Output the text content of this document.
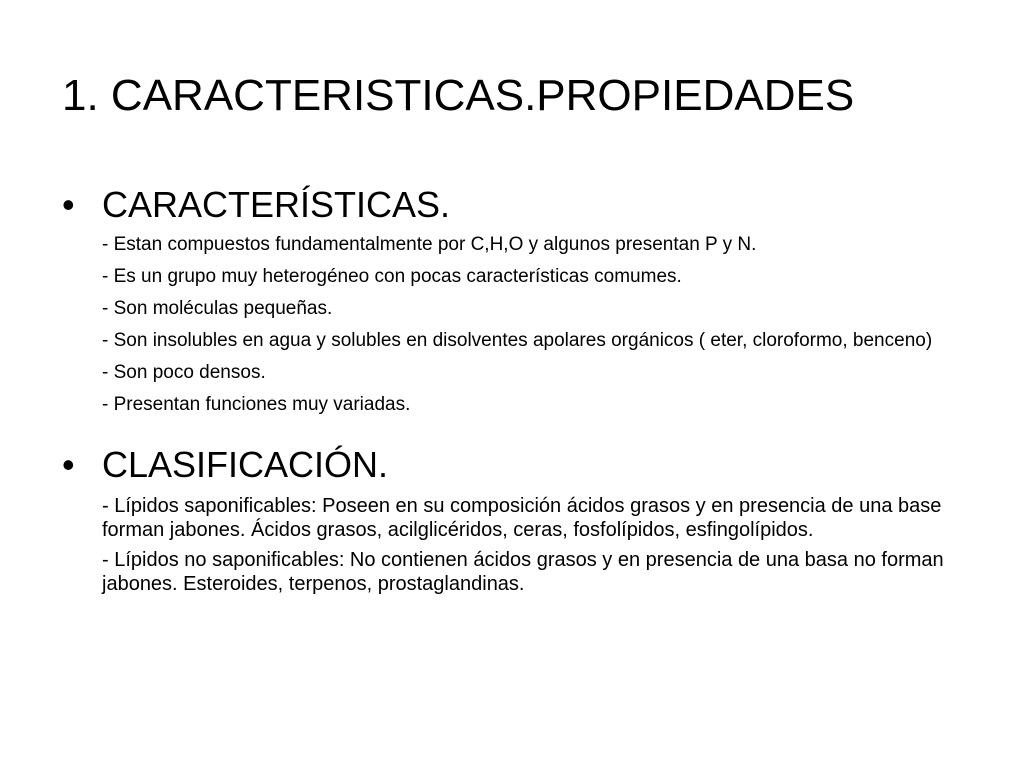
1. CARACTERISTICAS.PROPIEDADES
• CARACTERÍSTICAS.
- Estan compuestos fundamentalmente por C,H,O y algunos presentan P y N.
- Es un grupo muy heterogéneo con pocas características comumes.
- Son moléculas pequeñas.
- Son insolubles en agua y solubles en disolventes apolares orgánicos ( eter, cloroformo, benceno)
- Son poco densos.
- Presentan funciones muy variadas.
• CLASIFICACIÓN.
- Lípidos saponificables: Poseen en su composición ácidos grasos y en presencia de una base forman jabones. Ácidos grasos, acilglicéridos, ceras, fosfolípidos, esfingolípidos.
- Lípidos no saponificables: No contienen ácidos grasos y en presencia de una basa no forman jabones. Esteroides, terpenos, prostaglandinas.
